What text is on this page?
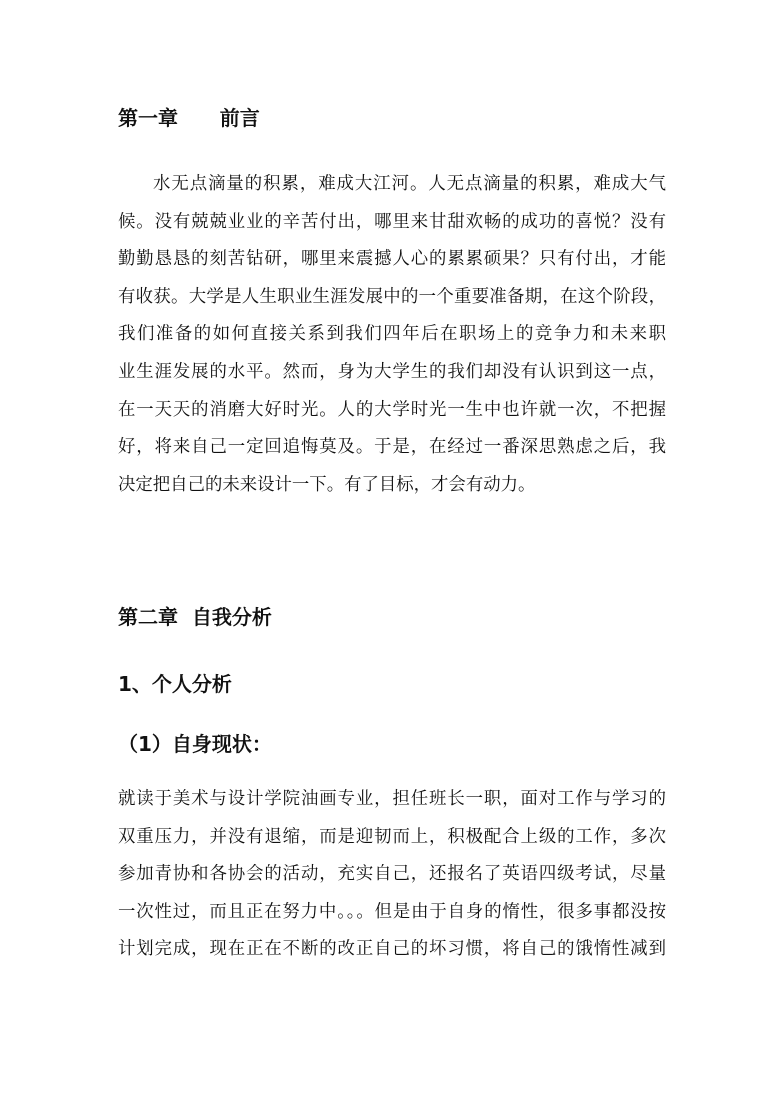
第一章      前言
水无点滴量的积累，难成大江河。人无点滴量的积累，难成大气
候。没有兢兢业业的辛苦付出，哪里来甘甜欢畅的成功的喜悦？没有
勤勤恳恳的刻苦钻研，哪里来震撼人心的累累硕果？只有付出，才能
有收获。大学是人生职业生涯发展中的一个重要准备期，在这个阶段，
我们准备的如何直接关系到我们四年后在职场上的竞争力和未来职
业生涯发展的水平。然而，身为大学生的我们却没有认识到这一点，
在一天天的消磨大好时光。人的大学时光一生中也许就一次，不把握
好，将来自己一定回追悔莫及。于是，在经过一番深思熟虑之后，我
决定把自己的未来设计一下。有了目标，才会有动力。
第二章  自我分析
1、个人分析
（1）自身现状：
就读于美术与设计学院油画专业，担任班长一职，面对工作与学习的
双重压力，并没有退缩，而是迎韧而上，积极配合上级的工作，多次
参加青协和各协会的活动，充实自己，还报名了英语四级考试，尽量
一次性过，而且正在努力中。。。但是由于自身的惰性，很多事都没按
计划完成，现在正在不断的改正自己的坏习惯，将自己的饿惰性减到
